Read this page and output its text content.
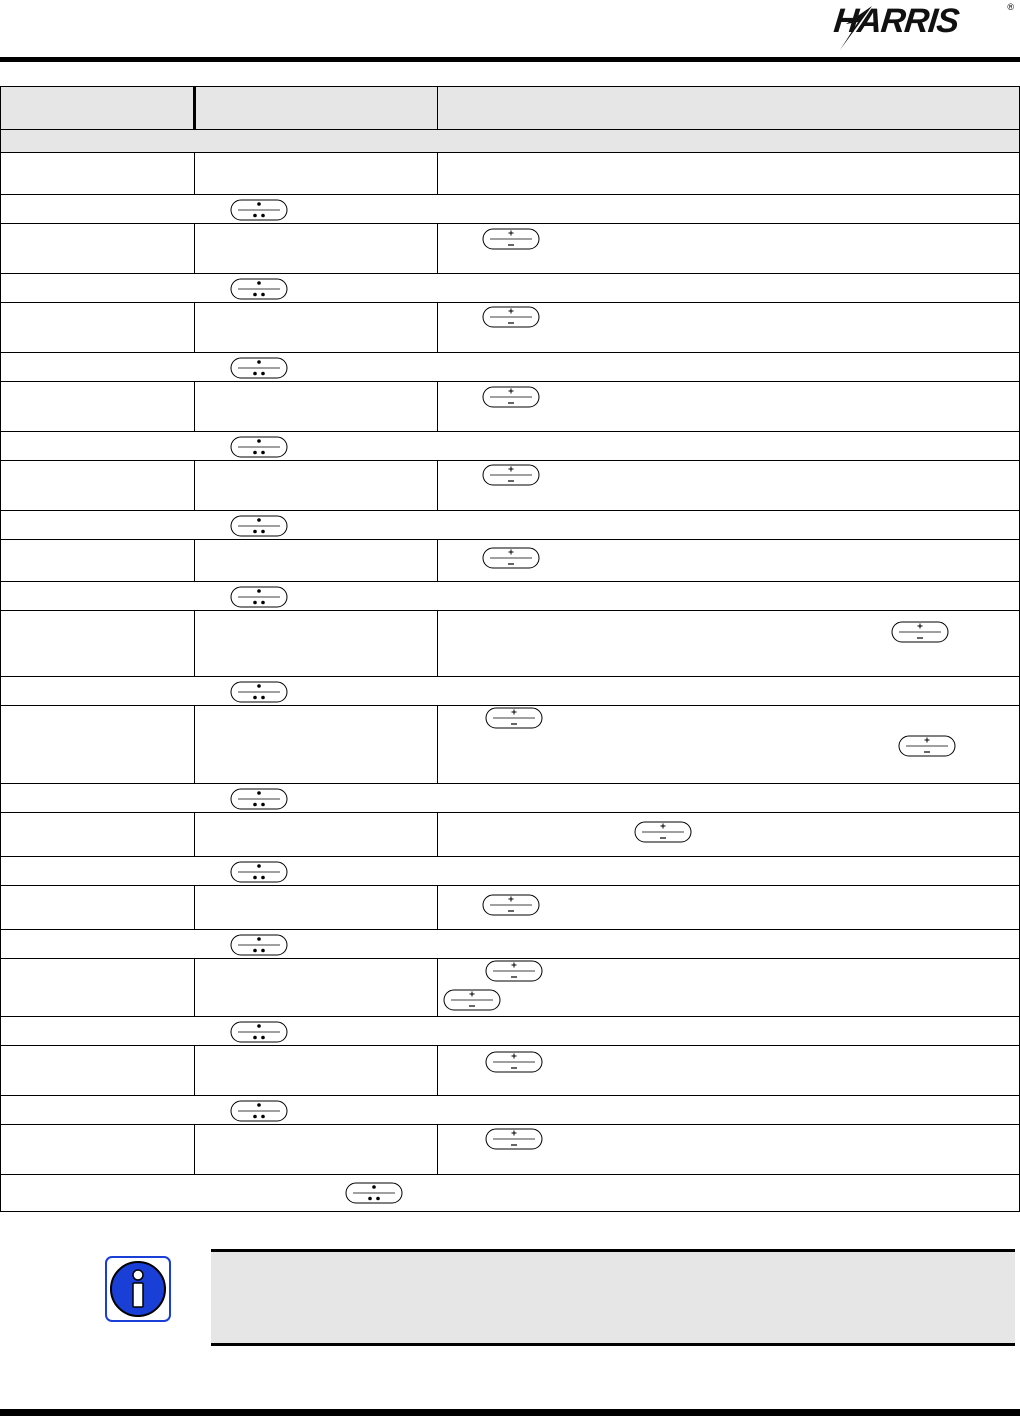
HARRIS	®
